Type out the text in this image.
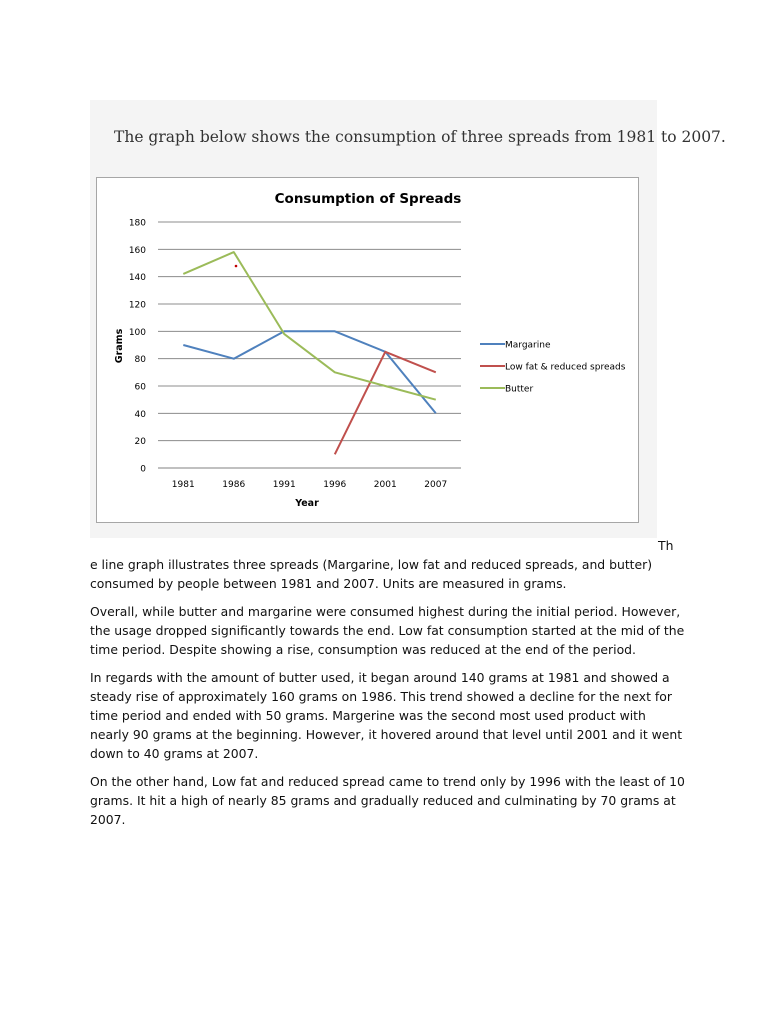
The graph below shows the consumption of three spreads from 1981 to 2007.

Consumption of Spreads
0
20
40
60
80
100
120
140
160
180
1981	1986	1991	1996	2001	2007
Year
Grams	Margarine
Low fat & reduced spreads
Butter
Th

e line graph illustrates three spreads (Margarine, low fat and reduced spreads, and butter) consumed by people between 1981 and 2007. Units are measured in grams.

Overall, while butter and margarine were consumed highest during the initial period. However, the usage dropped significantly towards the end. Low fat consumption started at the mid of the time period. Despite showing a rise, consumption was reduced at the end of the period.

In regards with the amount of butter used, it began around 140 grams at 1981 and showed a steady rise of approximately 160 grams on 1986. This trend showed a decline for the next for time period and ended with 50 grams. Margerine was the second most used product with nearly 90 grams at the beginning. However, it hovered around that level until 2001 and it went down to 40 grams at 2007.

On the other hand, Low fat and reduced spread came to trend only by 1996 with the least of 10 grams. It hit a high of nearly 85 grams and gradually reduced and culminating by 70 grams at 2007.
